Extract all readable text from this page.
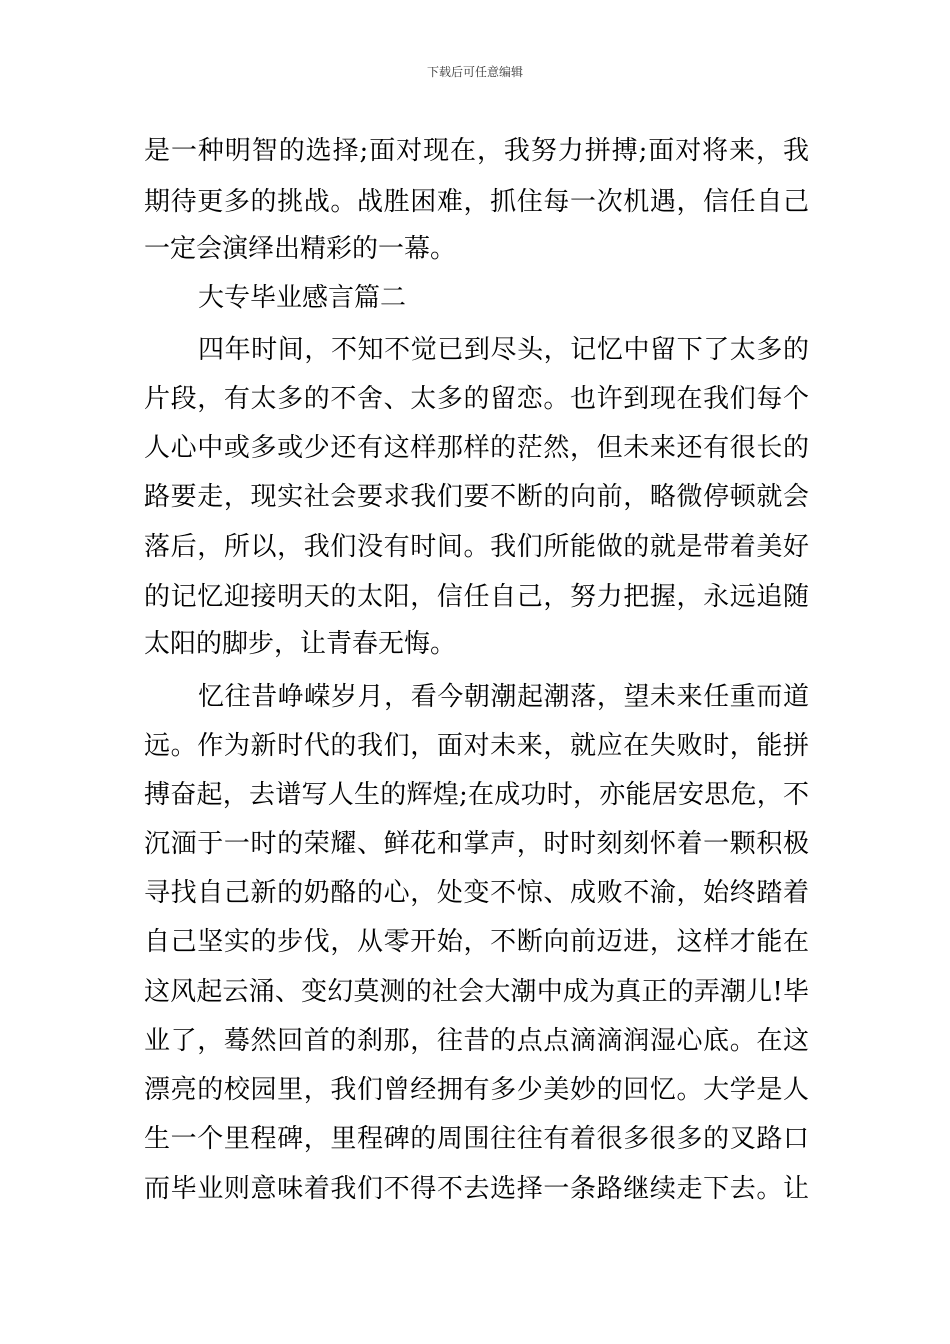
下载后可任意编辑
是一种明智的选择;面对现在，我努力拼搏;面对将来，我
期待更多的挑战。战胜困难，抓住每一次机遇，信任自己
一定会演绎出精彩的一幕。
大专毕业感言篇二
四年时间，不知不觉已到尽头，记忆中留下了太多的
片段，有太多的不舍、太多的留恋。也许到现在我们每个
人心中或多或少还有这样那样的茫然，但未来还有很长的
路要走，现实社会要求我们要不断的向前，略微停顿就会
落后，所以，我们没有时间。我们所能做的就是带着美好
的记忆迎接明天的太阳，信任自己，努力把握，永远追随
太阳的脚步，让青春无悔。
忆往昔峥嵘岁月，看今朝潮起潮落，望未来任重而道
远。作为新时代的我们，面对未来，就应在失败时，能拼
搏奋起，去谱写人生的辉煌;在成功时，亦能居安思危，不
沉湎于一时的荣耀、鲜花和掌声，时时刻刻怀着一颗积极
寻找自己新的奶酪的心，处变不惊、成败不渝，始终踏着
自己坚实的步伐，从零开始，不断向前迈进，这样才能在
这风起云涌、变幻莫测的社会大潮中成为真正的弄潮儿!毕
业了，蓦然回首的刹那，往昔的点点滴滴润湿心底。在这
漂亮的校园里，我们曾经拥有多少美妙的回忆。大学是人
生一个里程碑，里程碑的周围往往有着很多很多的叉路口
而毕业则意味着我们不得不去选择一条路继续走下去。让
